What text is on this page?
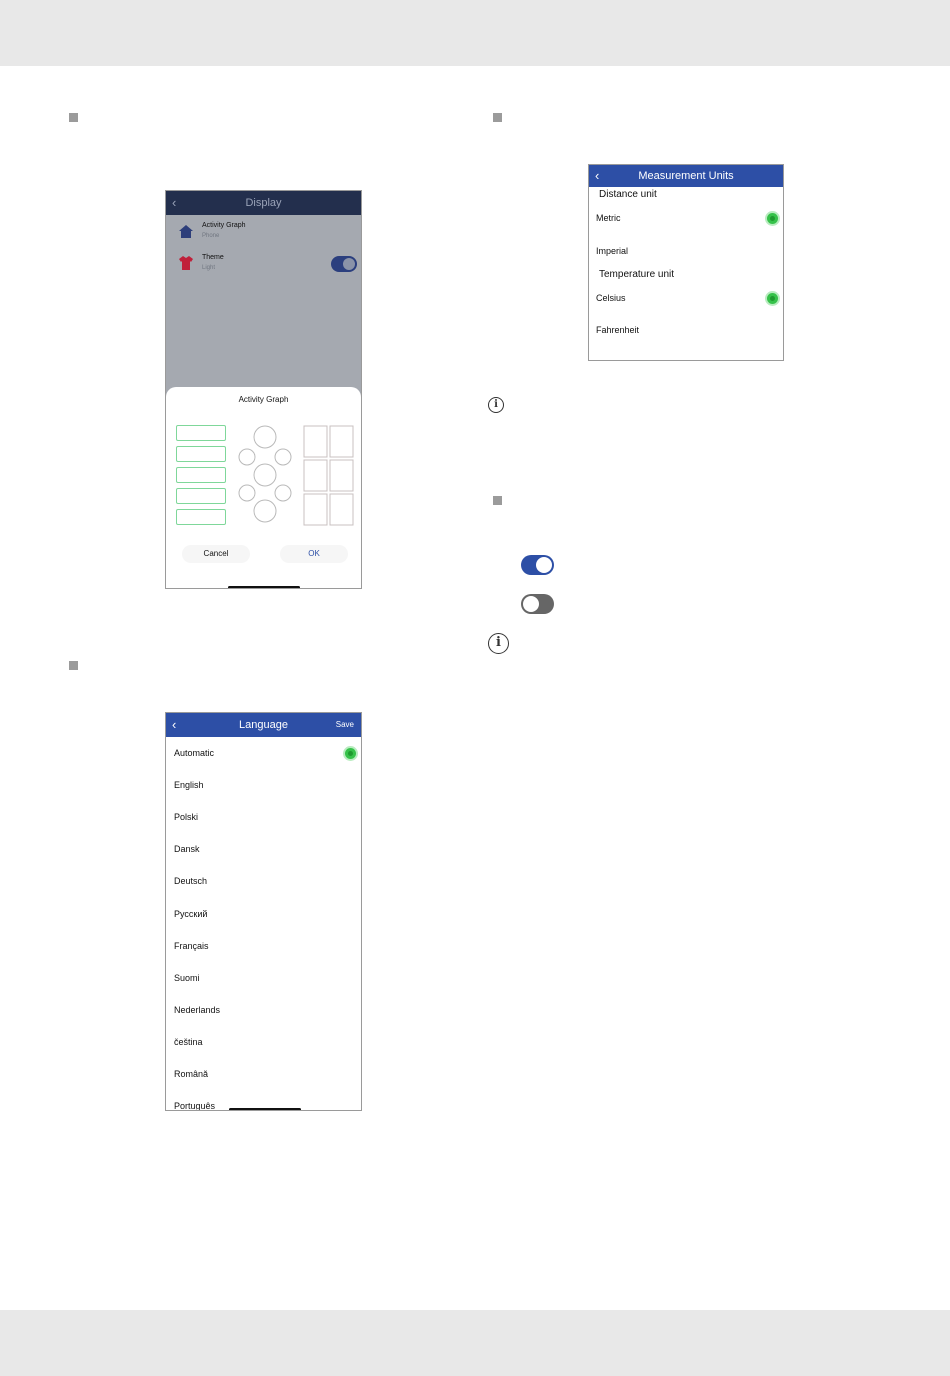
‹	Display
Activity Graph
Phone
Theme
Light
Activity Graph
Cancel	OK
‹	Measurement Units
Distance unit
Metric
Imperial
Temperature unit
Celsius
Fahrenheit
i
i
‹	Language	Save
Automatic
English
Polski
Dansk
Deutsch
Русский
Français
Suomi
Nederlands
čeština
Română
Português
